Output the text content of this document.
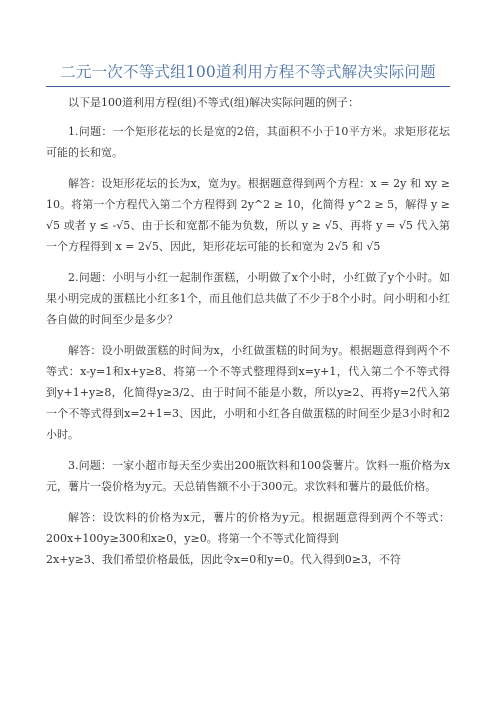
二元一次不等式组100道利用方程不等式解决实际问题

以下是100道利用方程(组)不等式(组)解决实际问题的例子：

1.问题：一个矩形花坛的长是宽的2倍，其面积不小于10平方米。求矩形花坛可能的长和宽。

解答：设矩形花坛的长为x，宽为y。根据题意得到两个方程：x = 2y 和 xy ≥ 10。将第一个方程代入第二个方程得到 2y^2 ≥ 10，化简得 y^2 ≥ 5，解得 y ≥ √5 或者 y ≤ -√5、由于长和宽都不能为负数，所以 y ≥ √5、再将 y = √5 代入第一个方程得到 x = 2√5、因此，矩形花坛可能的长和宽为 2√5 和 √5

2.问题：小明与小红一起制作蛋糕，小明做了x个小时，小红做了y个小时。如果小明完成的蛋糕比小红多1个，而且他们总共做了不少于8个小时。问小明和小红各自做的时间至少是多少？

解答：设小明做蛋糕的时间为x，小红做蛋糕的时间为y。根据题意得到两个不等式：x-y=1和x+y≥8、将第一个不等式整理得到x=y+1，代入第二个不等式得到y+1+y≥8，化简得y≥3/2、由于时间不能是小数，所以y≥2、再将y=2代入第一个不等式得到x=2+1=3、因此，小明和小红各自做蛋糕的时间至少是3小时和2小时。

3.问题：一家小超市每天至少卖出200瓶饮料和100袋薯片。饮料一瓶价格为x元，薯片一袋价格为y元。天总销售额不小于300元。求饮料和薯片的最低价格。

解答：设饮料的价格为x元，薯片的价格为y元。根据题意得到两个不等式：200x+100y≥300和x≥0，y≥0。将第一个不等式化简得到

2x+y≥3、我们希望价格最低，因此令x=0和y=0。代入得到0≥3，不符
